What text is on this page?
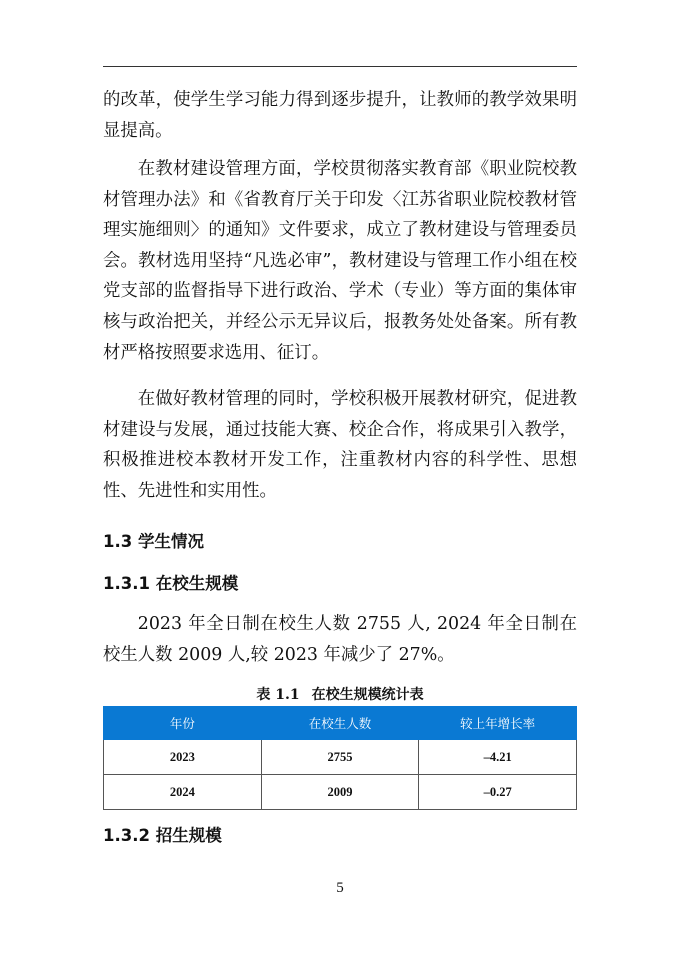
的改革，使学生学习能力得到逐步提升，让教师的教学效果明显提高。

在教材建设管理方面，学校贯彻落实教育部《职业院校教材管理办法》和《省教育厅关于印发〈江苏省职业院校教材管理实施细则〉的通知》文件要求，成立了教材建设与管理委员会。教材选用坚持“凡选必审”，教材建设与管理工作小组在校党支部的监督指导下进行政治、学术（专业）等方面的集体审核与政治把关，并经公示无异议后，报教务处处备案。所有教材严格按照要求选用、征订。

在做好教材管理的同时，学校积极开展教材研究，促进教材建设与发展，通过技能大赛、校企合作，将成果引入教学，积极推进校本教材开发工作，注重教材内容的科学性、思想性、先进性和实用性。

1.3 学生情况
1.3.1 在校生规模

2023 年全日制在校生人数 2755 人, 2024 年全日制在校生人数 2009 人,较 2023 年减少了 27%。

表 1.1 在校生规模统计表
年份	在校生人数	较上年增长率
2023	2755	–4.21
2024	2009	–0.27
1.3.2 招生规模
5
